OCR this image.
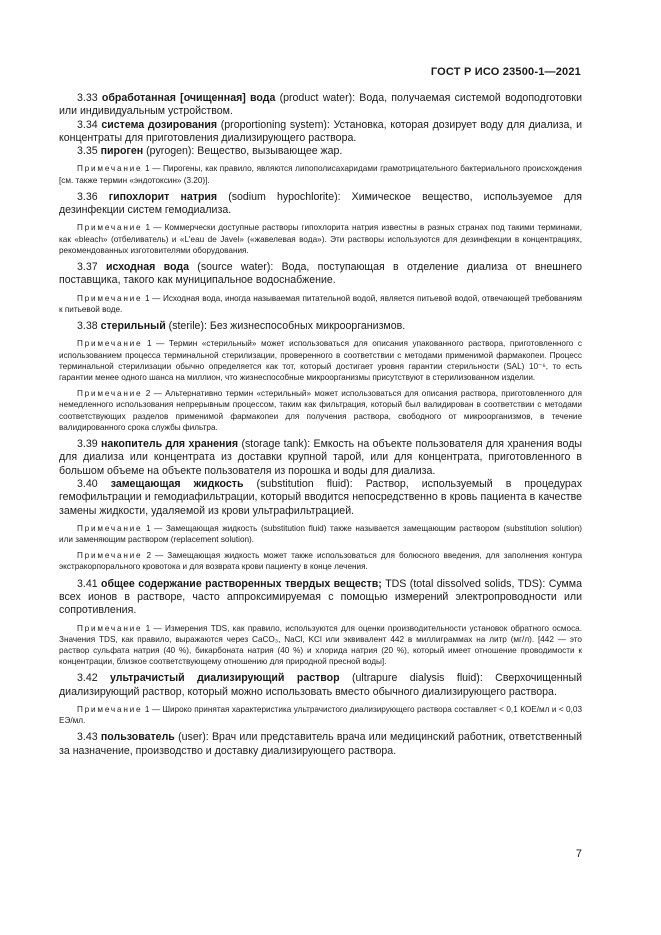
ГОСТ Р ИСО 23500-1—2021

3.33 обработанная [очищенная] вода (product water): Вода, получаемая системой водоподготовки или индивидуальным устройством.

3.34 система дозирования (proportioning system): Установка, которая дозирует воду для диализа, и концентраты для приготовления диализирующего раствора.

3.35 пироген (pyrogen): Вещество, вызывающее жар.

Примечание 1 — Пирогены, как правило, являются липополисахаридами грамотрицательного бактериального происхождения [см. также термин «эндотоксин» (3.20)].

3.36 гипохлорит натрия (sodium hypochlorite): Химическое вещество, используемое для дезинфекции систем гемодиализа.

Примечание 1 — Коммерчески доступные растворы гипохлорита натрия известны в разных странах под такими терминами, как «bleach» (отбеливатель) и «L'eau de Javel» («жавелевая вода»). Эти растворы используются для дезинфекции в концентрациях, рекомендованных изготовителями оборудования.

3.37 исходная вода (source water): Вода, поступающая в отделение диализа от внешнего поставщика, такого как муниципальное водоснабжение.

Примечание 1 — Исходная вода, иногда называемая питательной водой, является питьевой водой, отвечающей требованиям к питьевой воде.

3.38 стерильный (sterile): Без жизнеспособных микроорганизмов.

Примечание 1 — Термин «стерильный» может использоваться для описания упакованного раствора, приготовленного с использованием процесса терминальной стерилизации, проверенного в соответствии с методами применимой фармакопеи. Процесс терминальной стерилизации обычно определяется как тот, который достигает уровня гарантии стерильности (SAL) 10⁻⁶, то есть гарантии менее одного шанса на миллион, что жизнеспособные микроорганизмы присутствуют в стерилизованном изделии.

Примечание 2 — Альтернативно термин «стерильный» может использоваться для описания раствора, приготовленного для немедленного использования непрерывным процессом, таким как фильтрация, который был валидирован в соответствии с методами соответствующих разделов применимой фармакопеи для получения раствора, свободного от микроорганизмов, в течение валидированного срока службы фильтра.

3.39 накопитель для хранения (storage tank): Емкость на объекте пользователя для хранения воды для диализа или концентрата из доставки крупной тарой, или для концентрата, приготовленного в большом объеме на объекте пользователя из порошка и воды для диализа.

3.40 замещающая жидкость (substitution fluid): Раствор, используемый в процедурах гемофильтрации и гемодиафильтрации, который вводится непосредственно в кровь пациента в качестве замены жидкости, удаляемой из крови ультрафильтрацией.

Примечание 1 — Замещающая жидкость (substitution fluid) также называется замещающим раствором (substitution solution) или заменяющим раствором (replacement solution).

Примечание 2 — Замещающая жидкость может также использоваться для болюсного введения, для заполнения контура экстракорпорального кровотока и для возврата крови пациенту в конце лечения.

3.41 общее содержание растворенных твердых веществ; TDS (total dissolved solids, TDS): Сумма всех ионов в растворе, часто аппроксимируемая с помощью измерений электропроводности или сопротивления.

Примечание 1 — Измерения TDS, как правило, используются для оценки производительности установок обратного осмоса. Значения TDS, как правило, выражаются через CaCO₃, NaCl, KCl или эквивалент 442 в миллиграммах на литр (мг/л). [442 — это раствор сульфата натрия (40 %), бикарбоната натрия (40 %) и хлорида натрия (20 %), который имеет отношение проводимости к концентрации, близкое соответствующему отношению для природной пресной воды].

3.42 ультрачистый диализирующий раствор (ultrapure dialysis fluid): Сверхочищенный диализирующий раствор, который можно использовать вместо обычного диализирующего раствора.

Примечание 1 — Широко принятая характеристика ультрачистого диализирующего раствора составляет < 0,1 КОЕ/мл и < 0,03 ЕЭ/мл.

3.43 пользователь (user): Врач или представитель врача или медицинский работник, ответственный за назначение, производство и доставку диализирующего раствора.

7
